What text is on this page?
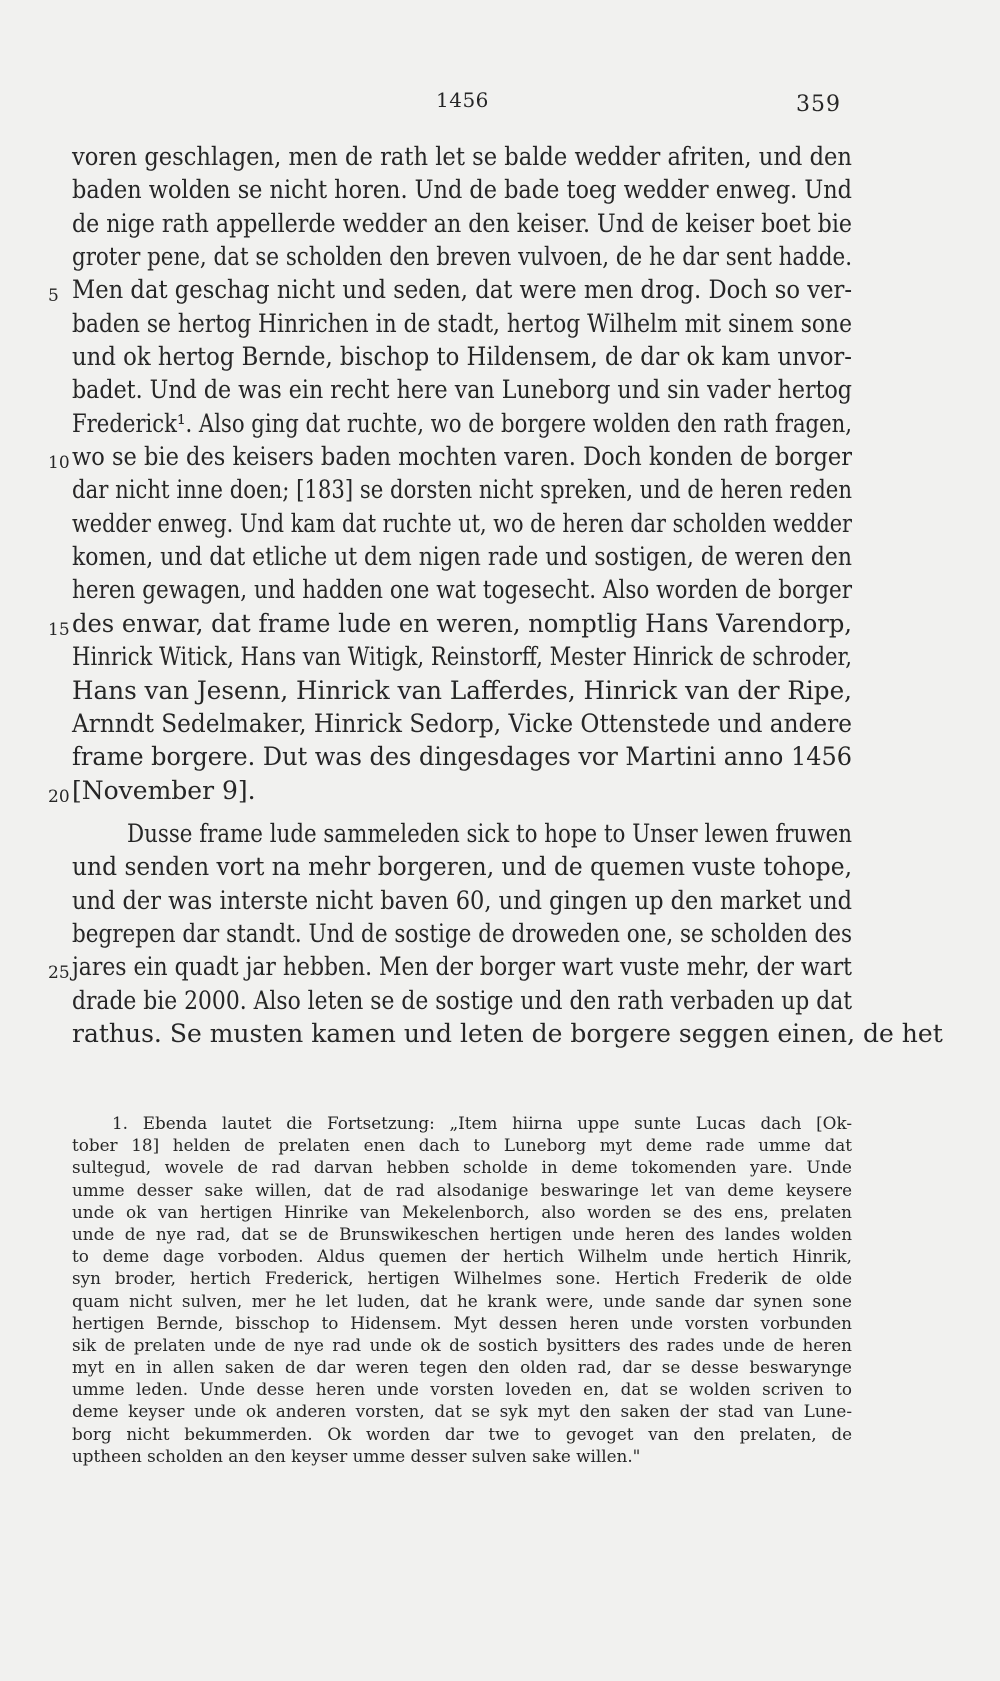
1456	359
voren geschlagen, men de rath let se balde wedder afriten, und den
baden wolden se nicht horen. Und de bade toeg wedder enweg. Und
de nige rath appellerde wedder an den keiser. Und de keiser boet bie
groter pene, dat se scholden den breven vulvoen, de he dar sent hadde.
5 Men dat geschag nicht und seden, dat were men drog. Doch so ver-
baden se hertog Hinrichen in de stadt, hertog Wilhelm mit sinem sone
und ok hertog Bernde, bischop to Hildensem, de dar ok kam unvor-
badet. Und de was ein recht here van Luneborg und sin vader hertog
Frederick¹. Also ging dat ruchte, wo de borgere wolden den rath fragen,
10 wo se bie des keisers baden mochten varen. Doch konden de borger
dar nicht inne doen; [183] se dorsten nicht spreken, und de heren reden
wedder enweg. Und kam dat ruchte ut, wo de heren dar scholden wedder
komen, und dat etliche ut dem nigen rade und sostigen, de weren den
heren gewagen, und hadden one wat togesecht. Also worden de borger
15 des enwar, dat frame lude en weren, nomptlig Hans Varendorp,
Hinrick Witick, Hans van Witigk, Reinstorff, Mester Hinrick de schroder,
Hans van Jesenn, Hinrick van Lafferdes, Hinrick van der Ripe,
Arnndt Sedelmaker, Hinrick Sedorp, Vicke Ottenstede und andere
frame borgere. Dut was des dingesdages vor Martini anno 1456
20 [November 9].
Dusse frame lude sammeleden sick to hope to Unser lewen fruwen
und senden vort na mehr borgeren, und de quemen vuste tohope,
und der was interste nicht baven 60, und gingen up den market und
begrepen dar standt. Und de sostige de droweden one, se scholden des
25 jares ein quadt jar hebben. Men der borger wart vuste mehr, der wart
drade bie 2000. Also leten se de sostige und den rath verbaden up dat
rathus. Se musten kamen und leten de borgere seggen einen, de het
1. Ebenda lautet die Fortsetzung: „Item hiirna uppe sunte Lucas dach [Ok-
tober 18] helden de prelaten enen dach to Luneborg myt deme rade umme dat
sultegud, wovele de rad darvan hebben scholde in deme tokomenden yare. Unde
umme desser sake willen, dat de rad alsodanige beswaringe let van deme keysere
unde ok van hertigen Hinrike van Mekelenborch, also worden se des ens, prelaten
unde de nye rad, dat se de Brunswikeschen hertigen unde heren des landes wolden
to deme dage vorboden. Aldus quemen der hertich Wilhelm unde hertich Hinrik,
syn broder, hertich Frederick, hertigen Wilhelmes sone. Hertich Frederik de olde
quam nicht sulven, mer he let luden, dat he krank were, unde sande dar synen sone
hertigen Bernde, bisschop to Hidensem. Myt dessen heren unde vorsten vorbunden
sik de prelaten unde de nye rad unde ok de sostich bysitters des rades unde de heren
myt en in allen saken de dar weren tegen den olden rad, dar se desse beswarynge
umme leden. Unde desse heren unde vorsten loveden en, dat se wolden scriven to
deme keyser unde ok anderen vorsten, dat se syk myt den saken der stad van Lune-
borg nicht bekummerden. Ok worden dar twe to gevoget van den prelaten, de
uptheen scholden an den keyser umme desser sulven sake willen."
